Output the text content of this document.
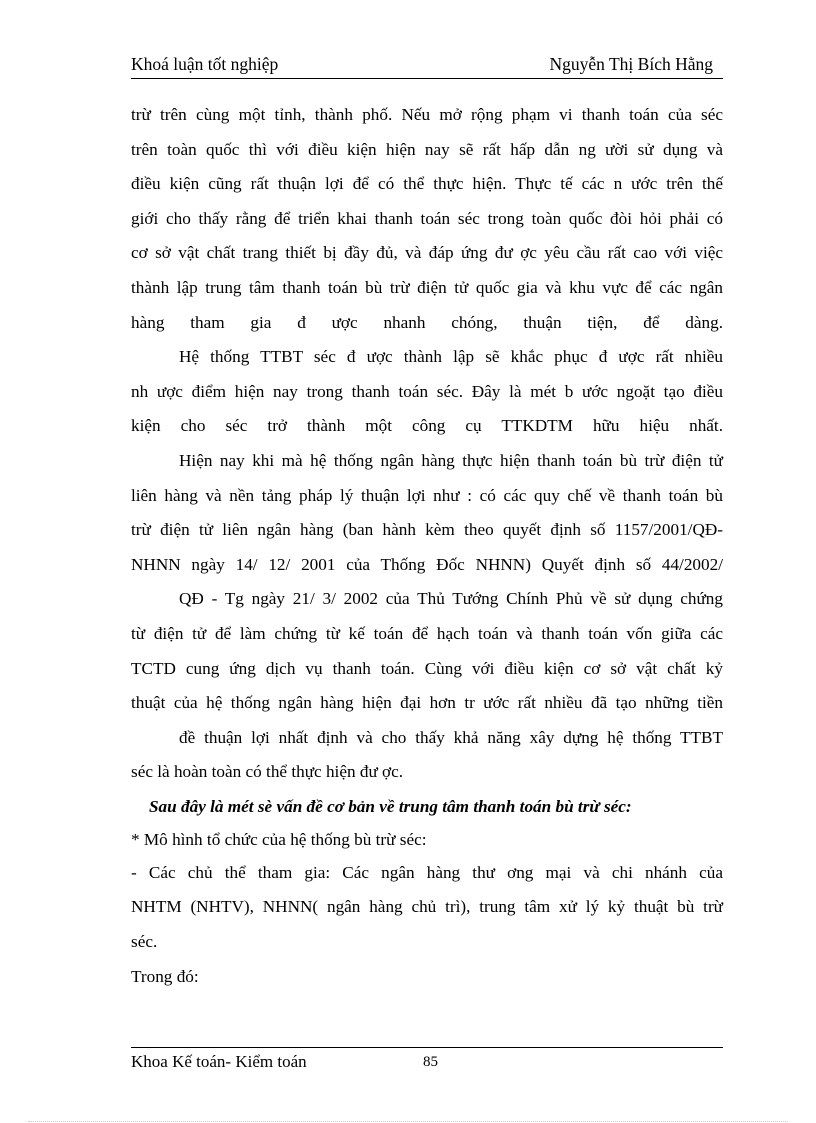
Khoá luận tốt nghiệp	Nguyễn Thị Bích Hằng
trừ trên cùng một tỉnh, thành phố. Nếu mở rộng phạm vi thanh toán của séc
trên toàn quốc thì với điều kiện hiện nay sẽ rất hấp dẫn ng ười sử dụng và
điều kiện cũng rất thuận lợi để có thể thực hiện. Thực tế các n ước trên thế
giới cho thấy rằng để triển khai thanh toán séc trong toàn quốc đòi hỏi phải có
cơ sở vật chất trang thiết bị đầy đủ, và đáp ứng đư ợc yêu cầu rất cao với việc
thành lập trung tâm thanh toán bù trừ điện tử quốc gia và khu vực để các ngân
hàng tham gia đ ược nhanh chóng, thuận tiện, để dàng.
Hệ thống TTBT séc đ ược thành lập sẽ khắc phục đ ược rất nhiều
nh ược điểm hiện nay trong thanh toán séc. Đây là mét b ước ngoặt tạo điều
kiện cho séc trở thành một công cụ TTKDTM hữu hiệu nhất.
Hiện nay khi mà hệ thống ngân hàng thực hiện thanh toán bù trừ điện tử
liên hàng và nền tảng pháp lý thuận lợi như : có các quy chế về thanh toán bù
trừ điện tử liên ngân hàng (ban hành kèm theo quyết định số 1157/2001/QĐ-
NHNN ngày 14/ 12/ 2001 của Thống Đốc NHNN) Quyết định số 44/2002/
QĐ - Tg ngày 21/ 3/ 2002 của Thủ Tướng Chính Phủ về sử dụng chứng
từ điện tử để làm chứng từ kế toán để hạch toán và thanh toán vốn giữa các
TCTD cung ứng dịch vụ thanh toán. Cùng với điều kiện cơ sở vật chất kỷ
thuật của hệ thống ngân hàng hiện đại hơn tr ước rất nhiều đã tạo những tiền
đề thuận lợi nhất định và cho thấy khả năng xây dựng hệ thống TTBT
séc là hoàn toàn có thể thực hiện đư ợc.
Sau đây là mét sè vấn đề cơ bản về trung tâm thanh toán bù trừ séc:
* Mô hình tổ chức của hệ thống bù trừ séc:
- Các chủ thể tham gia: Các ngân hàng thư ơng mại và chi nhánh của
NHTM (NHTV), NHNN( ngân hàng chủ trì), trung tâm xử lý kỷ thuật bù trừ
séc.
Trong đó:
Khoa Kế toán- Kiểm toán	85
